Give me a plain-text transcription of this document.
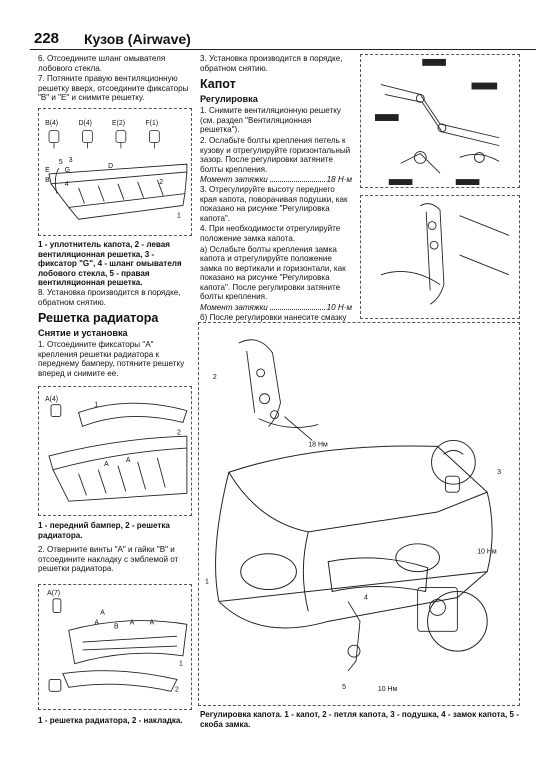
228 Кузов (Airwave)

6. Отсоедините шланг омывателя лобового стекла.

7. Потяните правую вентиляционную решетку вверх, отсоедините фиксаторы "B" и "E" и снимите решетку.

B(4)	D(4)	E(2)	F(1)
5 3
E
B
G
D
2
4
1
1 - уплотнитель капота, 2 - левая вентиляционная решетка, 3 - фиксатор "G", 4 - шланг омывателя лобового стекла, 5 - правая вентиляционная решетка.

8. Установка производится в порядке, обратном снятию.

Решетка радиатора
Снятие и установка

1. Отсоедините фиксаторы "A" крепления решетки радиатора к переднему бамперу, потяните решетку вперед и снимите ее.

A(4)
1
2
A
A
1 - передний бампер, 2 - решетка радиатора.

2. Отверните винты "A" и гайки "B" и отсоедините накладку с эмблемой от решетки радиатора.

A(7)
A
A
B
A A
1
2
1 - решетка радиатора, 2 - накладка.

3. Установка производится в порядке, обратном снятию.

Капот
Регулировка

1. Снимите вентиляционную решетку (см. раздел "Вентиляционная решетка").

2. Ослабьте болты крепления петель к кузову и отрегулируйте горизонтальный зазор. После регулировки затяните болты крепления.

Момент затяжки	18 Н·м

3. Отрегулируйте высоту переднего края капота, поворачивая подушки, как показано на рисунке "Регулировка капота".

4. При необходимости отрегулируйте положение замка капота.

а) Ослабьте болты крепления замка капота и отрегулируйте положение замка по вертикали и горизонтали, как показано на рисунке "Регулировка капота". После регулировки затяните болты крепления.

Момент затяжки	10 Н·м

б) После регулировки нанесите смазку

2
18 Нм
3
1
10 Нм
4
5	10 Нм
Регулировка капота. 1 - капот, 2 - петля капота, 3 - подушка, 4 - замок капота, 5 - скоба замка.
